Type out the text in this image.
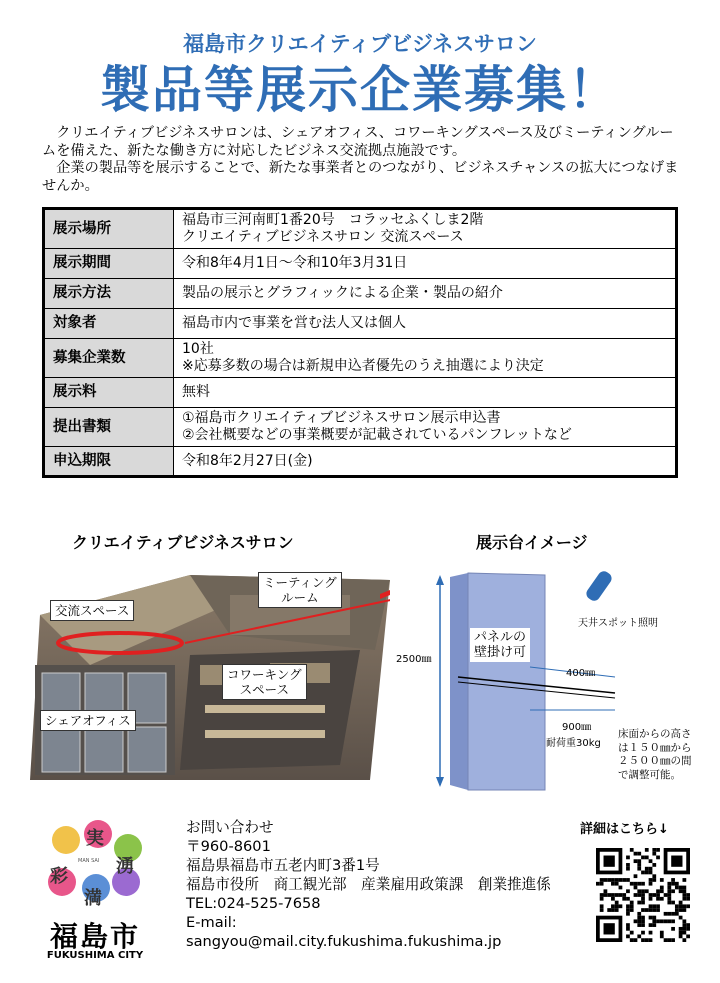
福島市クリエイティブビジネスサロン
製品等展示企業募集！

　クリエイティブビジネスサロンは、シェアオフィス、コワーキングスペース及びミーティングルームを備えた、新たな働き方に対応したビジネス交流拠点施設です。

　企業の製品等を展示することで、新たな事業者とのつながり、ビジネスチャンスの拡大につなげませんか。

展示場所	福島市三河南町1番20号　コラッセふくしま2階
クリエイティブビジネスサロン 交流スペース

展示期間	令和8年4月1日～令和10年3月31日

展示方法	製品の展示とグラフィックによる企業・製品の紹介

対象者	福島市内で事業を営む法人又は個人

募集企業数	10社
※応募多数の場合は新規申込者優先のうえ抽選により決定

展示料	無料

提出書類	①福島市クリエイティブビジネスサロン展示申込書
②会社概要などの事業概要が記載されているパンフレットなど

申込期限	令和8年2月27日(金)
クリエイティブビジネスサロン
ミーティング
ルーム
交流スペース
コワーキング
スペース
シェアオフィス
展示台イメージ
2500㎜
パネルの
壁掛け可
400㎜
900㎜
耐荷重30kg
天井スポット照明
床面からの高さ
は１５０㎜から
２５００㎜の間
で調整可能。
実
彩	湧
満
MAN SAI
福島市
FUKUSHIMA CITY
お問い合わせ
〒960-8601
福島県福島市五老内町3番1号
福島市役所　商工観光部　産業雇用政策課　創業推進係
TEL:024-525-7658
E-mail:
sangyou@mail.city.fukushima.fukushima.jp
詳細はこちら↓
